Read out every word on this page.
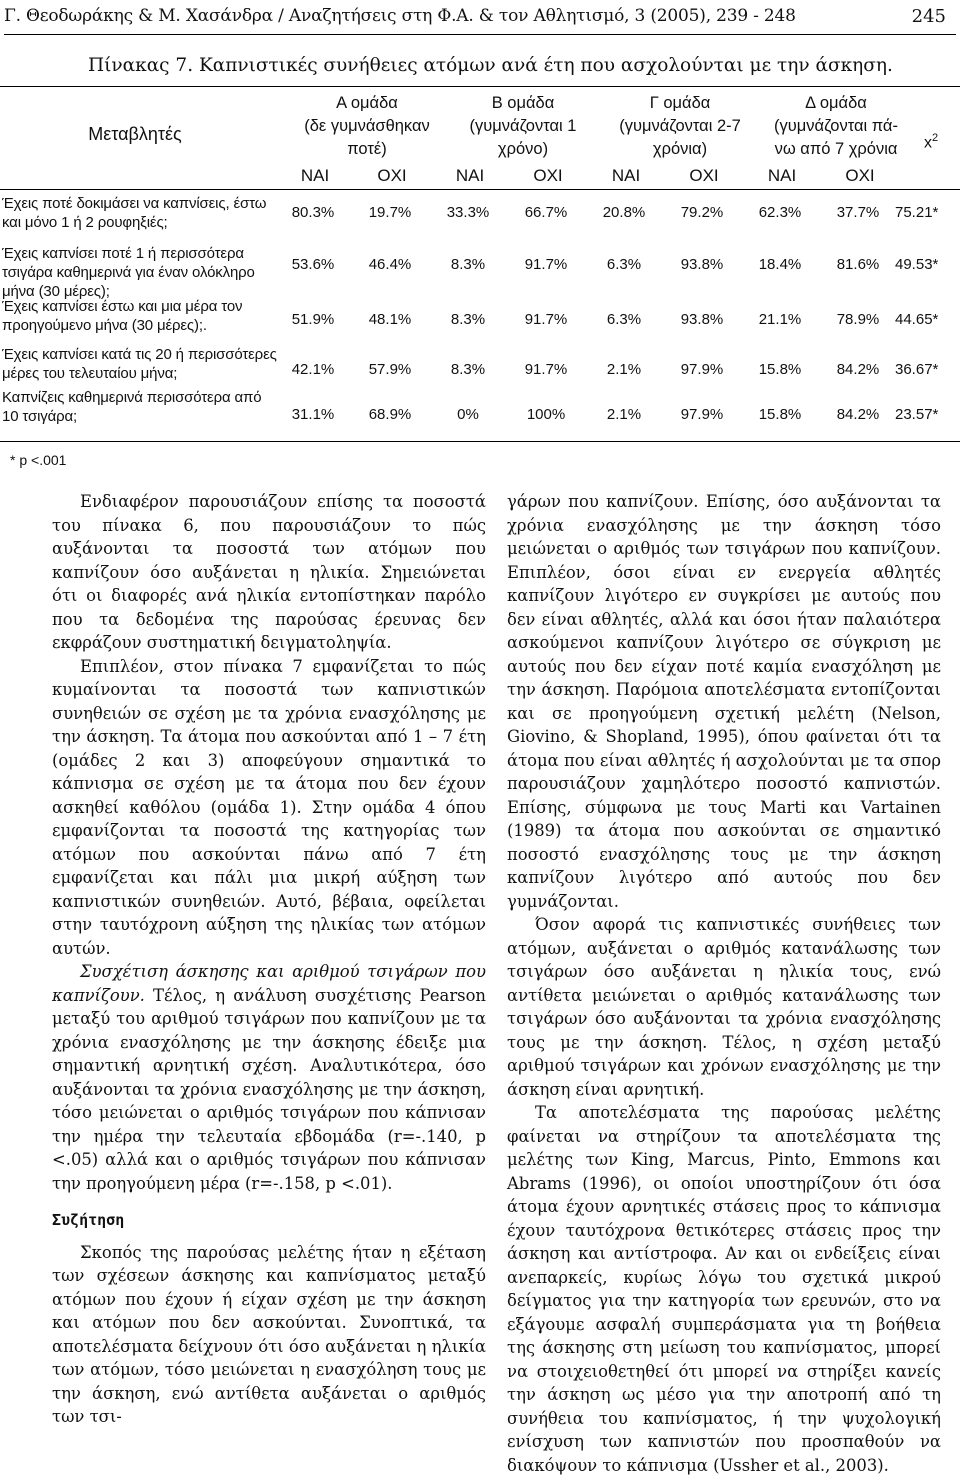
Γ. Θεοδωράκης & Μ. Χασάνδρα / Αναζητήσεις στη Φ.Α. & τον Αθλητισμό, 3 (2005), 239 - 248	245
Πίνακας 7. Καπνιστικές συνήθειες ατόμων ανά έτη που ασχολούνται με την άσκηση.
Μεταβλητές
Α ομάδα
(δε γυμνάσθηκαν
ποτέ)
Β ομάδα
(γυμνάζονται 1
χρόνο)
Γ ομάδα
(γυμνάζονται 2-7
χρόνια)
Δ ομάδα
(γυμνάζονται πά-
νω από 7 χρόνια	$x^2$
ΝΑΙ	ΟΧΙ	ΝΑΙ	ΟΧΙ	ΝΑΙ	ΟΧΙ	ΝΑΙ	ΟΧΙ
Έχεις ποτέ δοκιμάσει να καπνίσεις, έστω και μόνο 1 ή 2 ρουφηξιές;
80.3%	19.7%	33.3%	66.7%	20.8%	79.2%	62.3%	37.7%	75.21*
Έχεις καπνίσει ποτέ 1 ή περισσότερα τσιγάρα καθημερινά για έναν ολόκληρο μήνα (30 μέρες);
53.6%	46.4%	8.3%	91.7%	6.3%	93.8%	18.4%	81.6%	49.53*
Έχεις καπνίσει έστω και μια μέρα τον προηγούμενο μήνα (30 μέρες);.	51.9%	48.1%	8.3%	91.7%	6.3%	93.8%	21.1%	78.9%	44.65*
Έχεις καπνίσει κατά τις 20 ή περισσότερες μέρες του τελευταίου μήνα;	42.1%	57.9%	8.3%	91.7%	2.1%	97.9%	15.8%	84.2%	36.67*
Καπνίζεις καθημερινά περισσότερα από 10 τσιγάρα;	31.1%	68.9%	0%	100%	2.1%	97.9%	15.8%	84.2%	23.57*
* p <.001

Ενδιαφέρον παρουσιάζουν επίσης τα ποσοστά του πίνακα 6, που παρουσιάζουν το πώς αυξάνονται τα ποσοστά των ατόμων που καπνίζουν όσο αυξάνεται η ηλικία. Σημειώνεται ότι οι διαφορές ανά ηλικία εντοπίστηκαν παρόλο που τα δεδομένα της παρούσας έρευνας δεν εκφράζουν συστηματική δειγματοληψία.

Επιπλέον, στον πίνακα 7 εμφανίζεται το πώς κυμαίνονται τα ποσοστά των καπνιστικών συνηθειών σε σχέση με τα χρόνια ενασχόλησης με την άσκηση. Τα άτομα που ασκούνται από 1 – 7 έτη (ομάδες 2 και 3) αποφεύγουν σημαντικά το κάπνισμα σε σχέση με τα άτομα που δεν έχουν ασκηθεί καθόλου (ομάδα 1). Στην ομάδα 4 όπου εμφανίζονται τα ποσοστά της κατηγορίας των ατόμων που ασκούνται πάνω από 7 έτη εμφανίζεται και πάλι μια μικρή αύξηση των καπνιστικών συνηθειών. Αυτό, βέβαια, οφείλεται στην ταυτόχρονη αύξηση της ηλικίας των ατόμων αυτών.

Συσχέτιση άσκησης και αριθμού τσιγάρων που καπνίζουν. Τέλος, η ανάλυση συσχέτισης Pearson μεταξύ του αριθμού τσιγάρων που καπνίζουν με τα χρόνια ενασχόλησης με την άσκησης έδειξε μια σημαντική αρνητική σχέση. Αναλυτικότερα, όσο αυξάνονται τα χρόνια ενασχόλησης με την άσκηση, τόσο μειώνεται ο αριθμός τσιγάρων που κάπνισαν την ημέρα την τελευταία εβδομάδα (r=-.140, p <.05) αλλά και ο αριθμός τσιγάρων που κάπνισαν την προηγούμενη μέρα (r=-.158, p <.01).

Συζήτηση

Σκοπός της παρούσας μελέτης ήταν η εξέταση των σχέσεων άσκησης και καπνίσματος μεταξύ ατόμων που έχουν ή είχαν σχέση με την άσκηση και ατόμων που δεν ασκούνται. Συνοπτικά, τα αποτελέσματα δείχνουν ότι όσο αυξάνεται η ηλικία των ατόμων, τόσο μειώνεται η ενασχόληση τους με την άσκηση, ενώ αντίθετα αυξάνεται ο αριθμός των τσι-

γάρων που καπνίζουν. Επίσης, όσο αυξάνονται τα χρόνια ενασχόλησης με την άσκηση τόσο μειώνεται ο αριθμός των τσιγάρων που καπνίζουν. Επιπλέον, όσοι είναι εν ενεργεία αθλητές καπνίζουν λιγότερο εν συγκρίσει με αυτούς που δεν είναι αθλητές, αλλά και όσοι ήταν παλαιότερα ασκούμενοι καπνίζουν λιγότερο σε σύγκριση με αυτούς που δεν είχαν ποτέ καμία ενασχόληση με την άσκηση. Παρόμοια αποτελέσματα εντοπίζονται και σε προηγούμενη σχετική μελέτη (Nelson, Giovino, & Shopland, 1995), όπου φαίνεται ότι τα άτομα που είναι αθλητές ή ασχολούνται με τα σπορ παρουσιάζουν χαμηλότερο ποσοστό καπνιστών. Επίσης, σύμφωνα με τους Marti και Vartainen (1989) τα άτομα που ασκούνται σε σημαντικό ποσοστό ενασχόλησης τους με την άσκηση καπνίζουν λιγότερο από αυτούς που δεν γυμνάζονται.

Όσον αφορά τις καπνιστικές συνήθειες των ατόμων, αυξάνεται ο αριθμός κατανάλωσης των τσιγάρων όσο αυξάνεται η ηλικία τους, ενώ αντίθετα μειώνεται ο αριθμός κατανάλωσης των τσιγάρων όσο αυξάνονται τα χρόνια ενασχόλησης τους με την άσκηση. Τέλος, η σχέση μεταξύ αριθμού τσιγάρων και χρόνων ενασχόλησης με την άσκηση είναι αρνητική.

Τα αποτελέσματα της παρούσας μελέτης φαίνεται να στηρίζουν τα αποτελέσματα της μελέτης των King, Marcus, Pinto, Emmons και Abrams (1996), οι οποίοι υποστηρίζουν ότι όσα άτομα έχουν αρνητικές στάσεις προς το κάπνισμα έχουν ταυτόχρονα θετικότερες στάσεις προς την άσκηση και αντίστροφα. Αν και οι ενδείξεις είναι ανεπαρκείς, κυρίως λόγω του σχετικά μικρού δείγματος για την κατηγορία των ερευνών, στο να εξάγουμε ασφαλή συμπεράσματα για τη βοήθεια της άσκησης στη μείωση του καπνίσματος, μπορεί να στοιχειοθετηθεί ότι μπορεί να στηρίξει κανείς την άσκηση ως μέσο για την αποτροπή από τη συνήθεια του καπνίσματος, ή την ψυχολογική ενίσχυση των καπνιστών που προσπαθούν να διακόψουν το κάπνισμα (Ussher et al., 2003).
